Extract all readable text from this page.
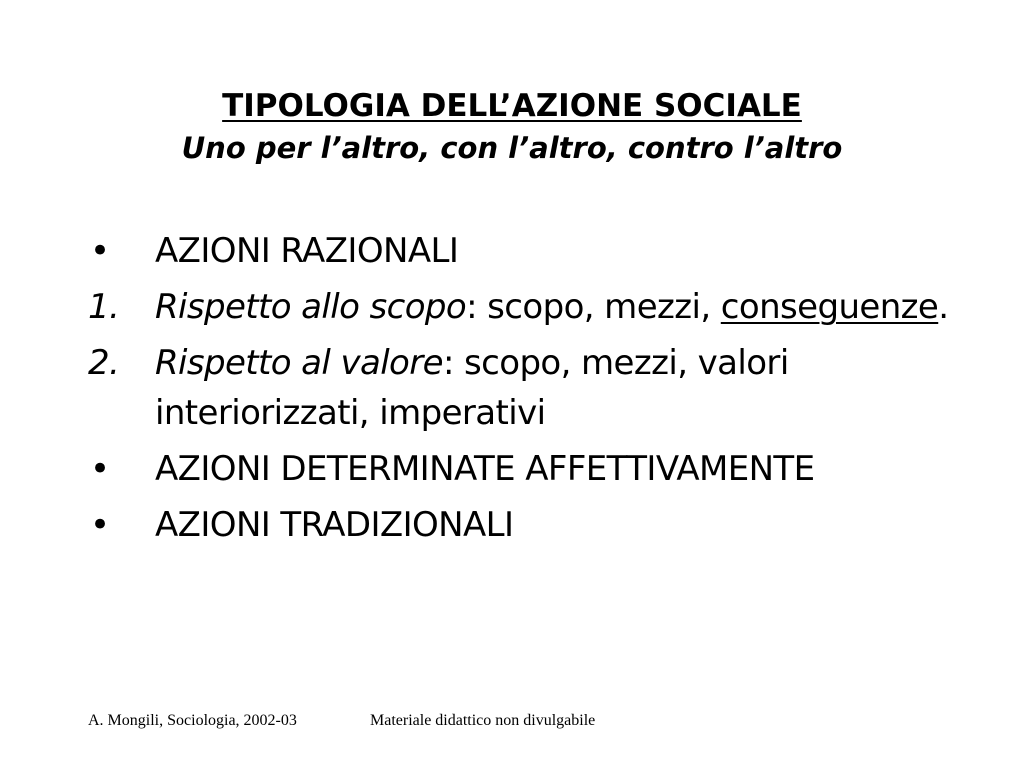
TIPOLOGIA DELL’AZIONE SOCIALE
Uno per l’altro, con l’altro, contro l’altro
•	AZIONI RAZIONALI
1.	Rispetto allo scopo: scopo, mezzi, conseguenze.
2.	Rispetto al valore: scopo, mezzi, valori interiorizzati, imperativi
•	AZIONI DETERMINATE AFFETTIVAMENTE
•	AZIONI TRADIZIONALI
A. Mongili, Sociologia, 2002-03	Materiale didattico non divulgabile
